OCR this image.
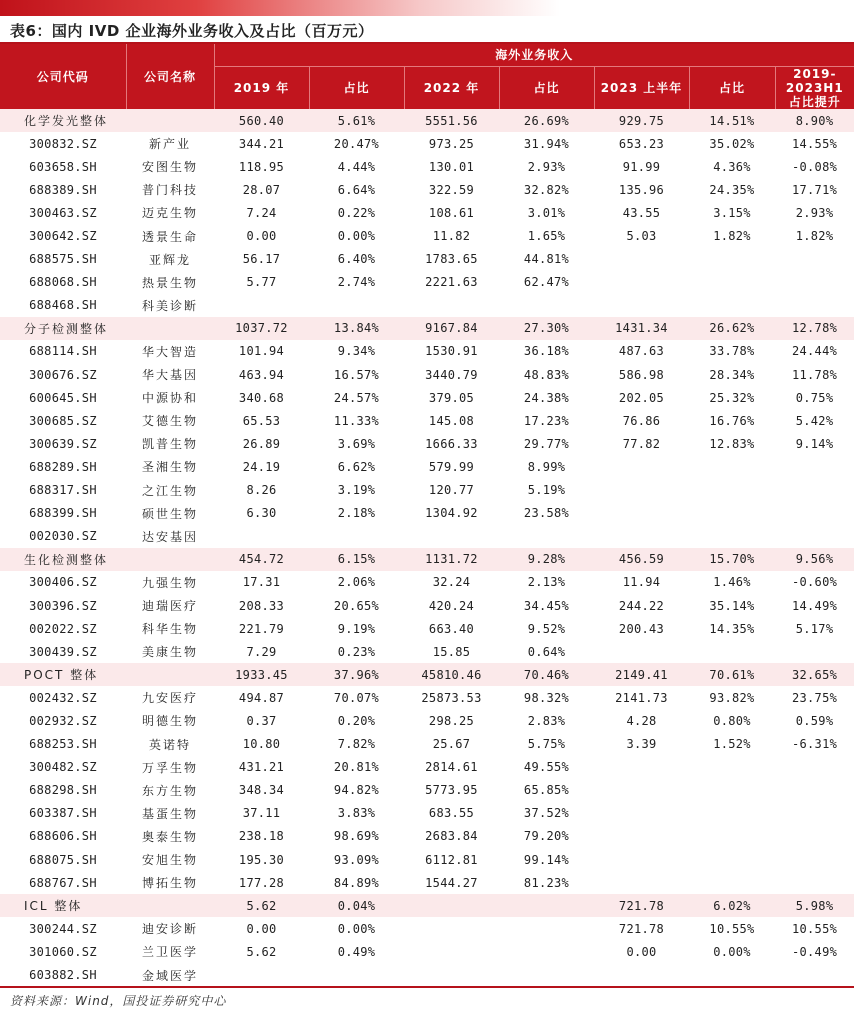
表6：国内 IVD 企业海外业务收入及占比（百万元）
公司代码	公司名称	海外业务收入						
		2019 年	占比	2022 年	占比	2023 上半年	占比	2019-2023H1
占比提升
化学发光整体		560.40	5.61%	5551.56	26.69%	929.75	14.51%	8.90%
300832.SZ	新产业	344.21	20.47%	973.25	31.94%	653.23	35.02%	14.55%
603658.SH	安图生物	118.95	4.44%	130.01	2.93%	91.99	4.36%	-0.08%
688389.SH	普门科技	28.07	6.64%	322.59	32.82%	135.96	24.35%	17.71%
300463.SZ	迈克生物	7.24	0.22%	108.61	3.01%	43.55	3.15%	2.93%
300642.SZ	透景生命	0.00	0.00%	11.82	1.65%	5.03	1.82%	1.82%
688575.SH	亚辉龙	56.17	6.40%	1783.65	44.81%			
688068.SH	热景生物	5.77	2.74%	2221.63	62.47%			
688468.SH	科美诊断							
分子检测整体		1037.72	13.84%	9167.84	27.30%	1431.34	26.62%	12.78%
688114.SH	华大智造	101.94	9.34%	1530.91	36.18%	487.63	33.78%	24.44%
300676.SZ	华大基因	463.94	16.57%	3440.79	48.83%	586.98	28.34%	11.78%
600645.SH	中源协和	340.68	24.57%	379.05	24.38%	202.05	25.32%	0.75%
300685.SZ	艾德生物	65.53	11.33%	145.08	17.23%	76.86	16.76%	5.42%
300639.SZ	凯普生物	26.89	3.69%	1666.33	29.77%	77.82	12.83%	9.14%
688289.SH	圣湘生物	24.19	6.62%	579.99	8.99%			
688317.SH	之江生物	8.26	3.19%	120.77	5.19%			
688399.SH	硕世生物	6.30	2.18%	1304.92	23.58%			
002030.SZ	达安基因							
生化检测整体		454.72	6.15%	1131.72	9.28%	456.59	15.70%	9.56%
300406.SZ	九强生物	17.31	2.06%	32.24	2.13%	11.94	1.46%	-0.60%
300396.SZ	迪瑞医疗	208.33	20.65%	420.24	34.45%	244.22	35.14%	14.49%
002022.SZ	科华生物	221.79	9.19%	663.40	9.52%	200.43	14.35%	5.17%
300439.SZ	美康生物	7.29	0.23%	15.85	0.64%			
POCT 整体		1933.45	37.96%	45810.46	70.46%	2149.41	70.61%	32.65%
002432.SZ	九安医疗	494.87	70.07%	25873.53	98.32%	2141.73	93.82%	23.75%
002932.SZ	明德生物	0.37	0.20%	298.25	2.83%	4.28	0.80%	0.59%
688253.SH	英诺特	10.80	7.82%	25.67	5.75%	3.39	1.52%	-6.31%
300482.SZ	万孚生物	431.21	20.81%	2814.61	49.55%			
688298.SH	东方生物	348.34	94.82%	5773.95	65.85%			
603387.SH	基蛋生物	37.11	3.83%	683.55	37.52%			
688606.SH	奥泰生物	238.18	98.69%	2683.84	79.20%			
688075.SH	安旭生物	195.30	93.09%	6112.81	99.14%			
688767.SH	博拓生物	177.28	84.89%	1544.27	81.23%			
ICL 整体		5.62	0.04%			721.78	6.02%	5.98%
300244.SZ	迪安诊断	0.00	0.00%			721.78	10.55%	10.55%
301060.SZ	兰卫医学	5.62	0.49%			0.00	0.00%	-0.49%
603882.SH	金域医学							
资料来源：Wind，国投证券研究中心
